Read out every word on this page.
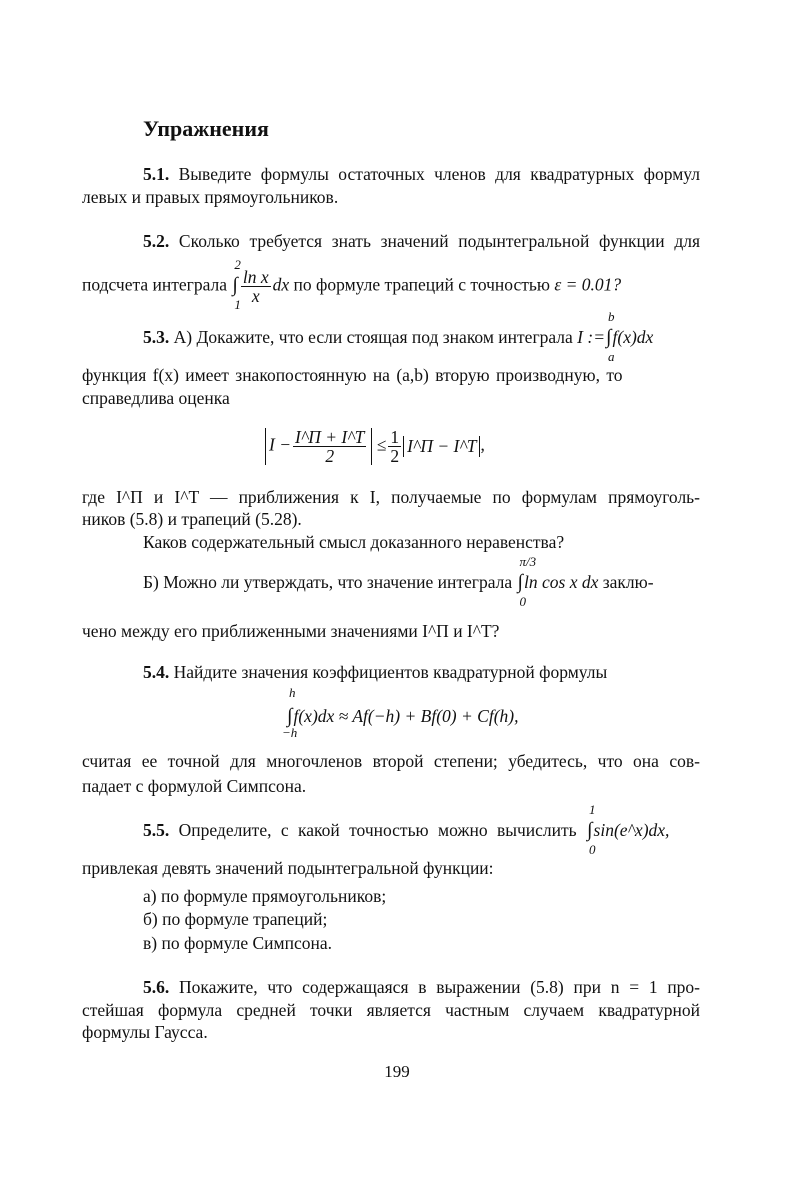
Упражнения
5.1. Выведите формулы остаточных членов для квадратурных формул
левых и правых прямоугольников.
5.2. Сколько требуется знать значений подынтегральной функции для
подсчета интеграла ∫
2
$1 \frac{\text{ln x}}{x}$ dx по формуле трапеций с точностью ε = 0.01?
5.3. А) Докажите, что если стоящая под знаком интеграла I :=∫
b
a
f(x)dx
функция f(x) имеет знакопостоянную на (a,b) вторую производную, то
справедлива оценка
$I - \frac{I\^{}П + I\^{}T}{2} \le \frac{1}{2}$ I^П − I^T ,
где I^П и I^T — приближения к I, получаемые по формулам прямоуголь-
ников (5.8) и трапеций (5.28).
Каков содержательный смысл доказанного неравенства?
Б) Можно ли утверждать, что значение интеграла ∫
π/3
0
ln cos x dx заклю-
чено между его приближенными значениями I^П и I^T?
5.4. Найдите значения коэффициентов квадратурной формулы
∫
h
−h
f(x)dx ≈ Af(−h) + Bf(0) + Cf(h),
считая ее точной для многочленов второй степени; убедитесь, что она сов-
падает с формулой Симпсона.
5.5. Определите, с какой точностью можно вычислить ∫
1
0
sin(e^x)dx,
привлекая девять значений подынтегральной функции:
а) по формуле прямоугольников;
б) по формуле трапеций;
в) по формуле Симпсона.
5.6. Покажите, что содержащаяся в выражении (5.8) при n = 1 про-
стейшая формула средней точки является частным случаем квадратурной
формулы Гаусса.
199
